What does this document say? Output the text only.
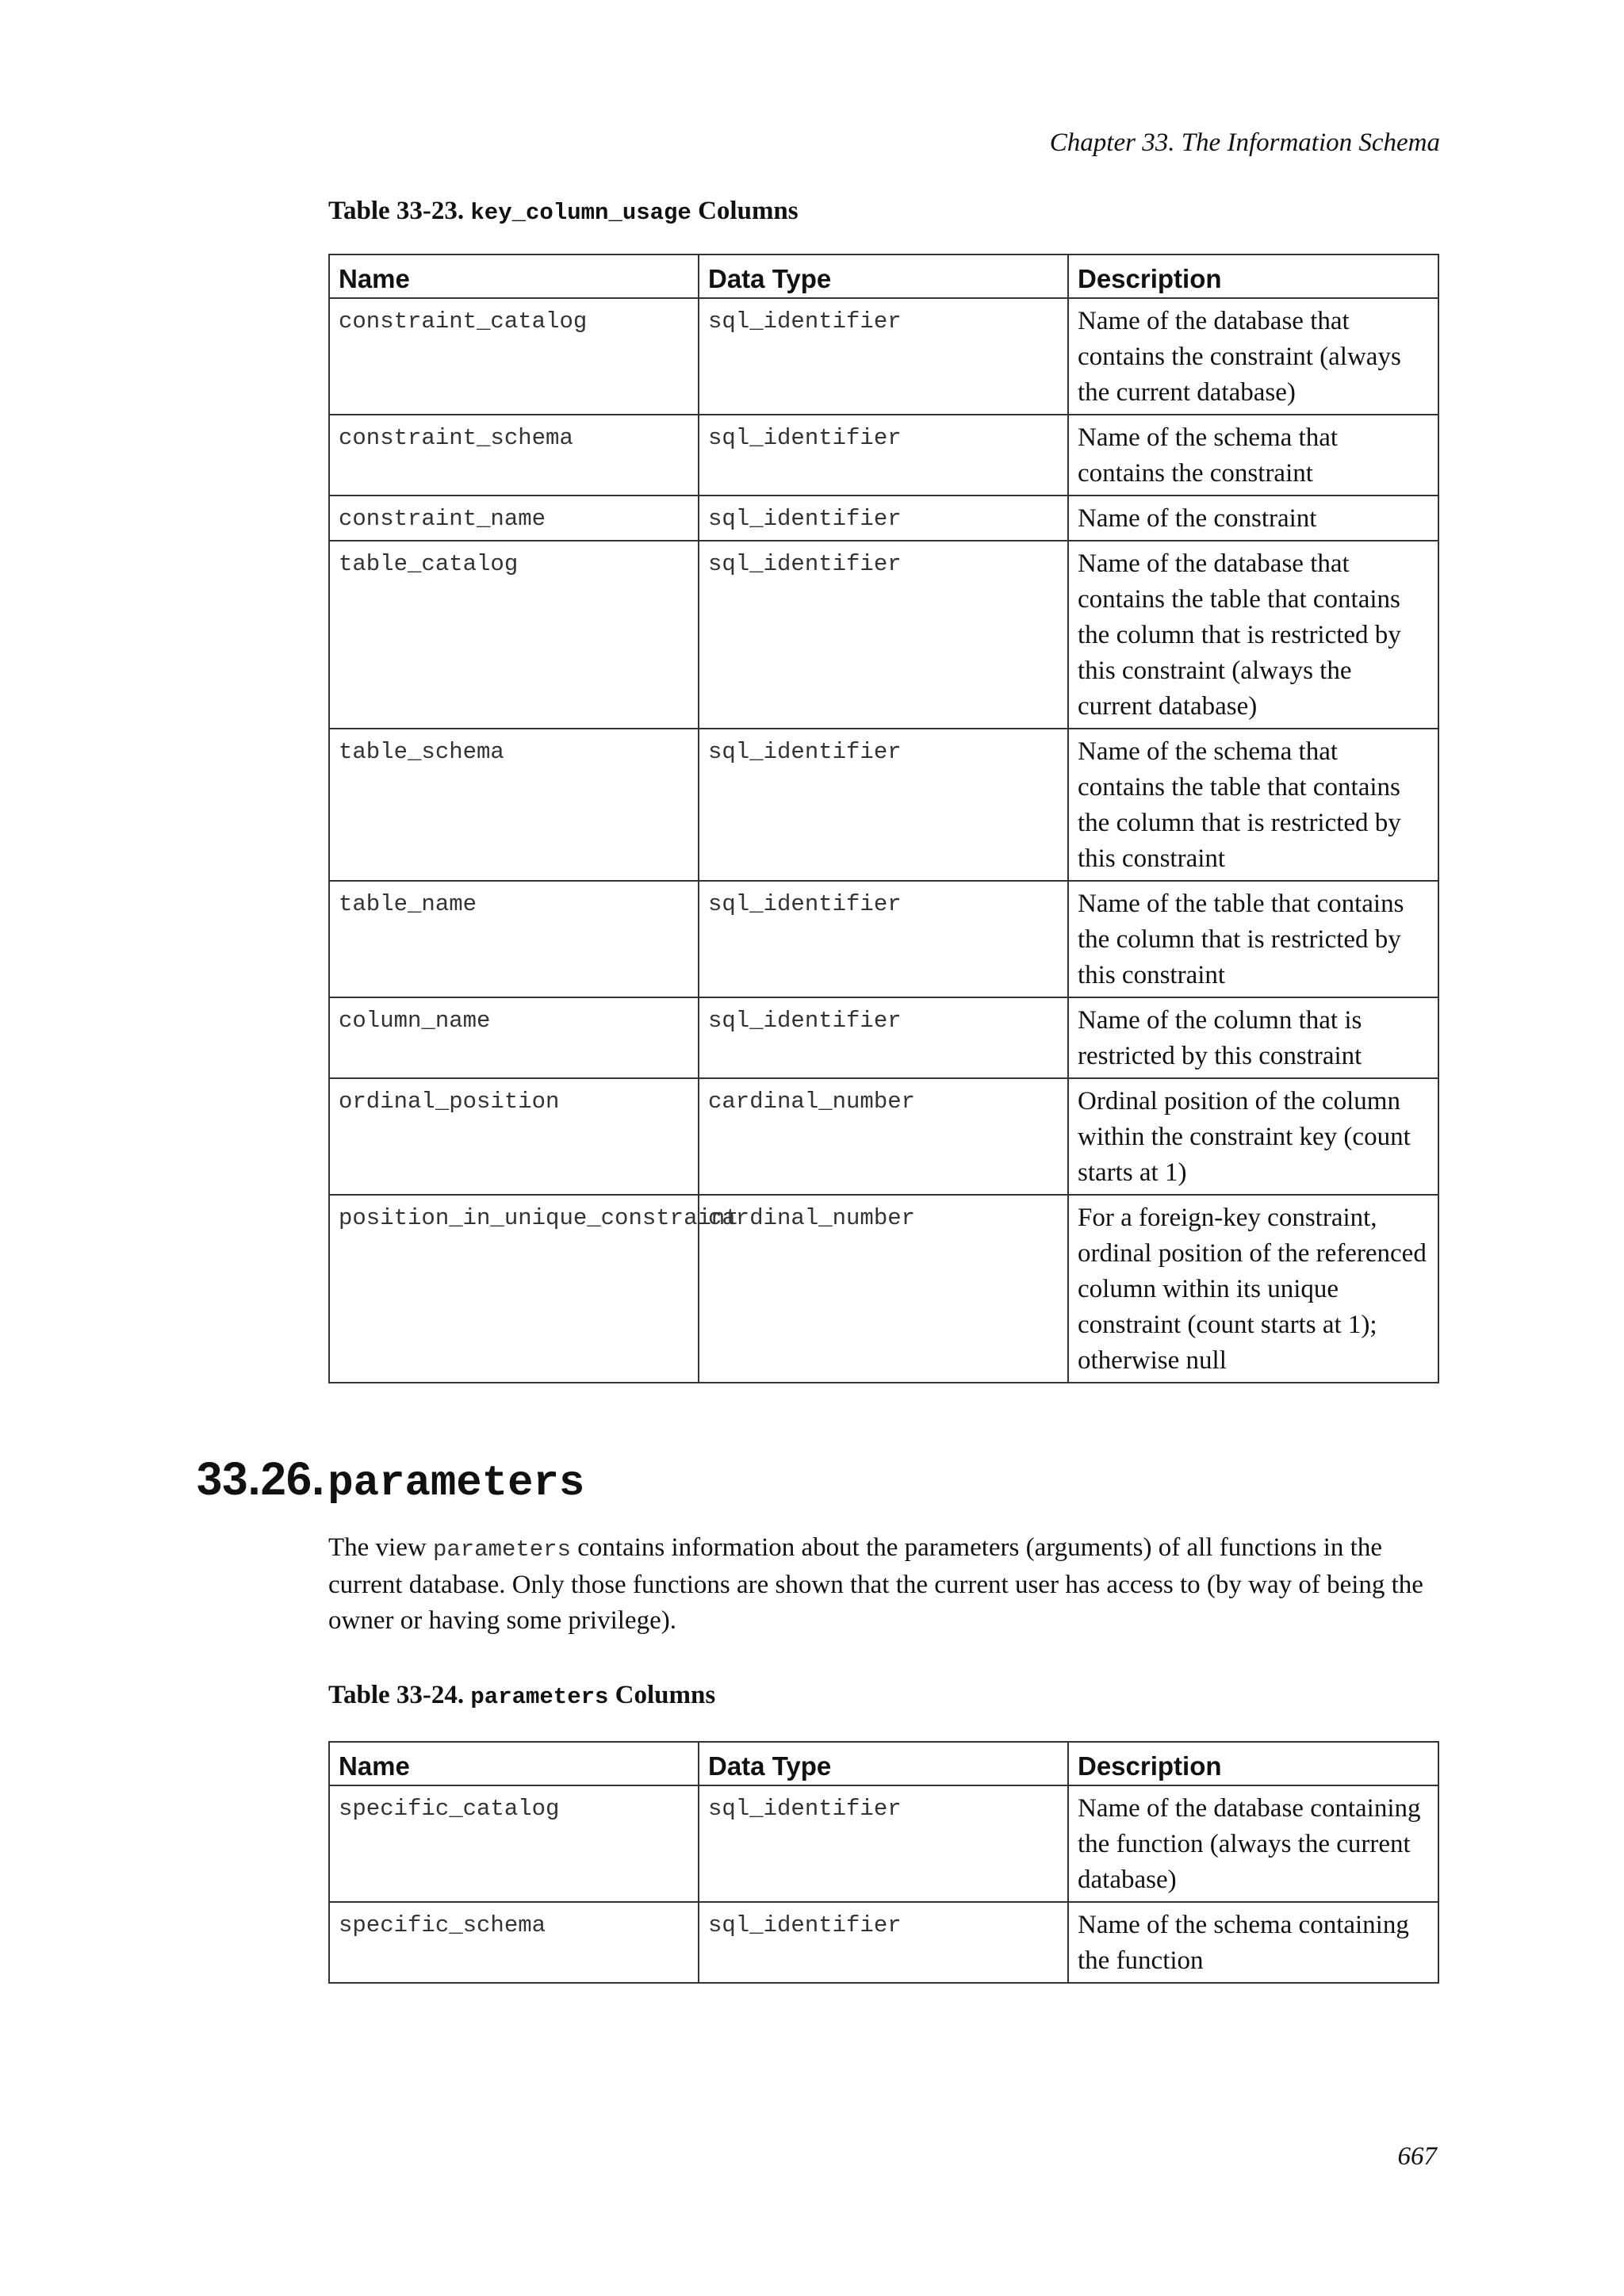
Chapter 33. The Information Schema
Table 33-23. key_column_usage Columns
Name	Data Type	Description
constraint_catalog	sql_identifier	Name of the database that contains the constraint (always the current database)
constraint_schema	sql_identifier	Name of the schema that contains the constraint
constraint_name	sql_identifier	Name of the constraint
table_catalog	sql_identifier	Name of the database that contains the table that contains the column that is restricted by this constraint (always the current database)
table_schema	sql_identifier	Name of the schema that contains the table that contains the column that is restricted by this constraint
table_name	sql_identifier	Name of the table that contains the column that is restricted by this constraint
column_name	sql_identifier	Name of the column that is restricted by this constraint
ordinal_position	cardinal_number	Ordinal position of the column within the constraint key (count starts at 1)
position_in_unique_constraint	cardinal_number	For a foreign-key constraint, ordinal position of the referenced column within its unique constraint (count starts at 1); otherwise null
33.26. parameters

The view parameters contains information about the parameters (arguments) of all functions in the current database. Only those functions are shown that the current user has access to (by way of being the owner or having some privilege).

Table 33-24. parameters Columns
Name	Data Type	Description
specific_catalog	sql_identifier	Name of the database containing the function (always the current database)
specific_schema	sql_identifier	Name of the schema containing the function
667
